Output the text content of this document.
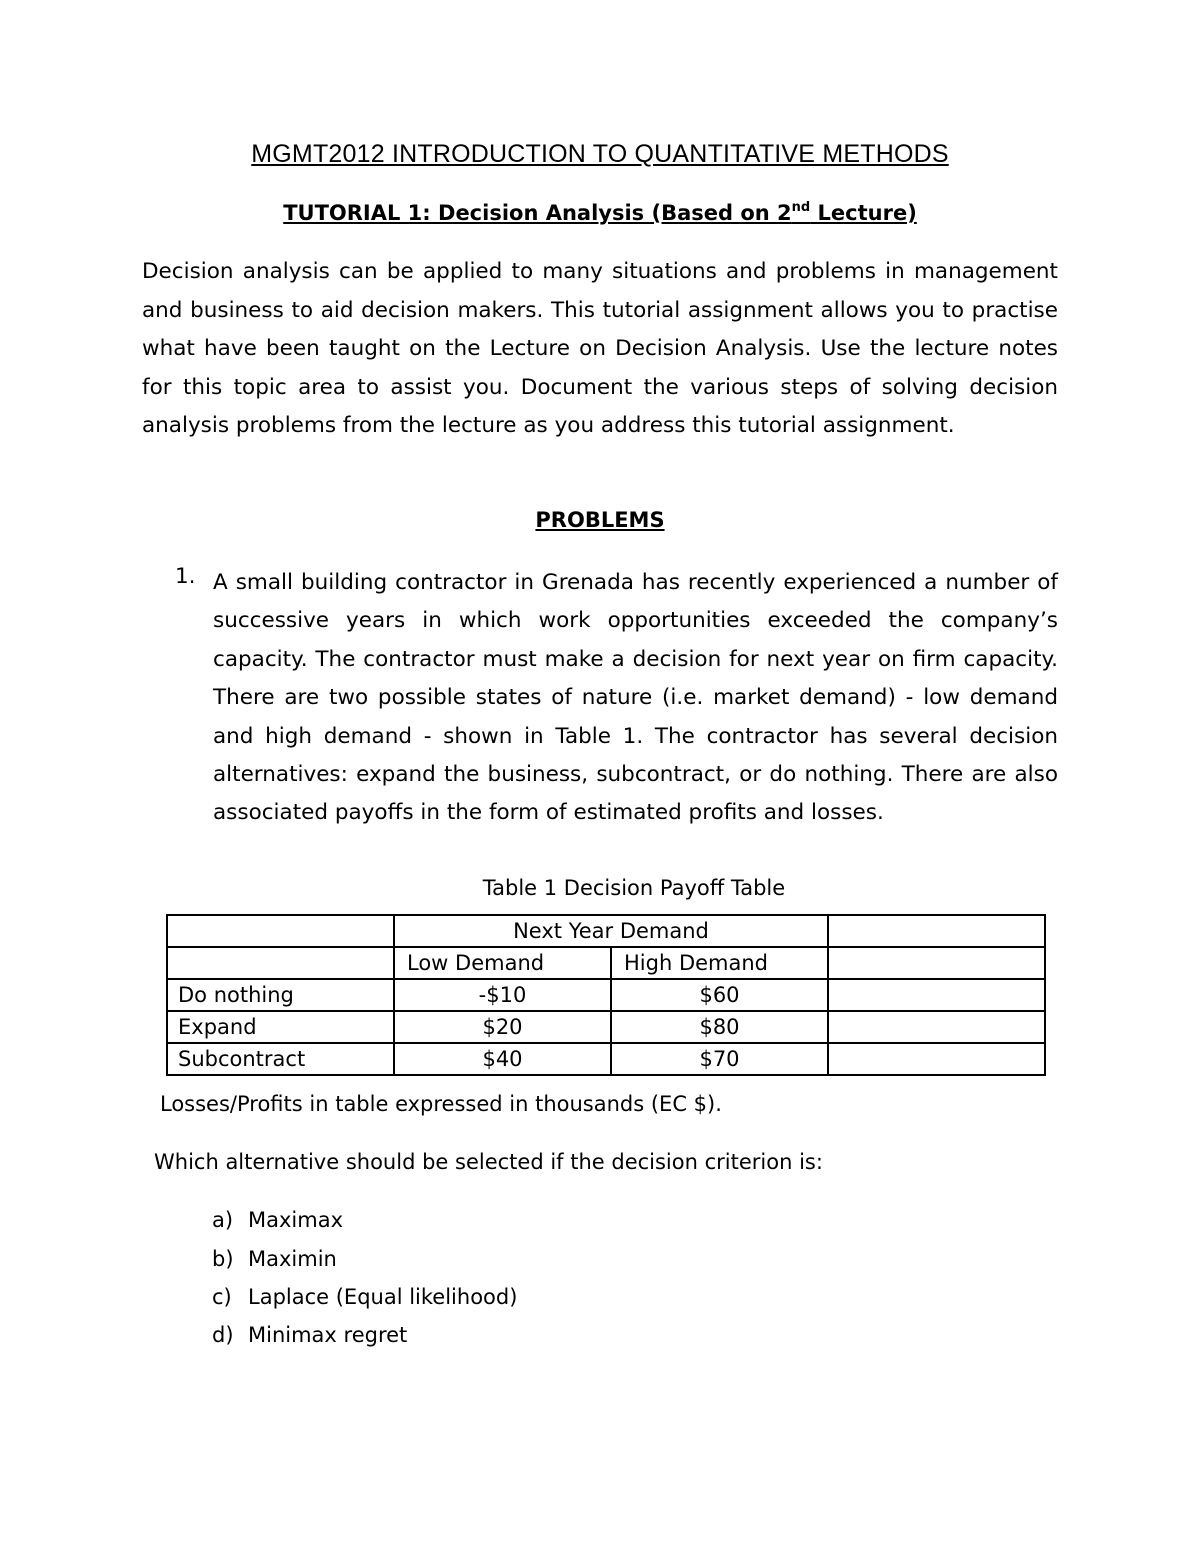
MGMT2012 INTRODUCTION TO QUANTITATIVE METHODS
TUTORIAL 1: Decision Analysis (Based on 2nd Lecture)
Decision analysis can be applied to many situations and problems in management and business to aid decision makers. This tutorial assignment allows you to practise what have been taught on the Lecture on Decision Analysis. Use the lecture notes for this topic area to assist you. Document the various steps of solving decision analysis problems from the lecture as you address this tutorial assignment.
PROBLEMS
1. A small building contractor in Grenada has recently experienced a number of successive years in which work opportunities exceeded the company’s capacity. The contractor must make a decision for next year on firm capacity. There are two possible states of nature (i.e. market demand) - low demand and high demand - shown in Table 1. The contractor has several decision alternatives: expand the business, subcontract, or do nothing. There are also associated payoffs in the form of estimated profits and losses.
Table 1 Decision Payoff Table
	Next Year Demand		
	Low Demand	High Demand	
Do nothing	-$10	$60	
Expand	$20	$80	
Subcontract	$40	$70	
Losses/Profits in table expressed in thousands (EC $).
Which alternative should be selected if the decision criterion is:
a) Maximax
b) Maximin
c) Laplace (Equal likelihood)
d) Minimax regret
